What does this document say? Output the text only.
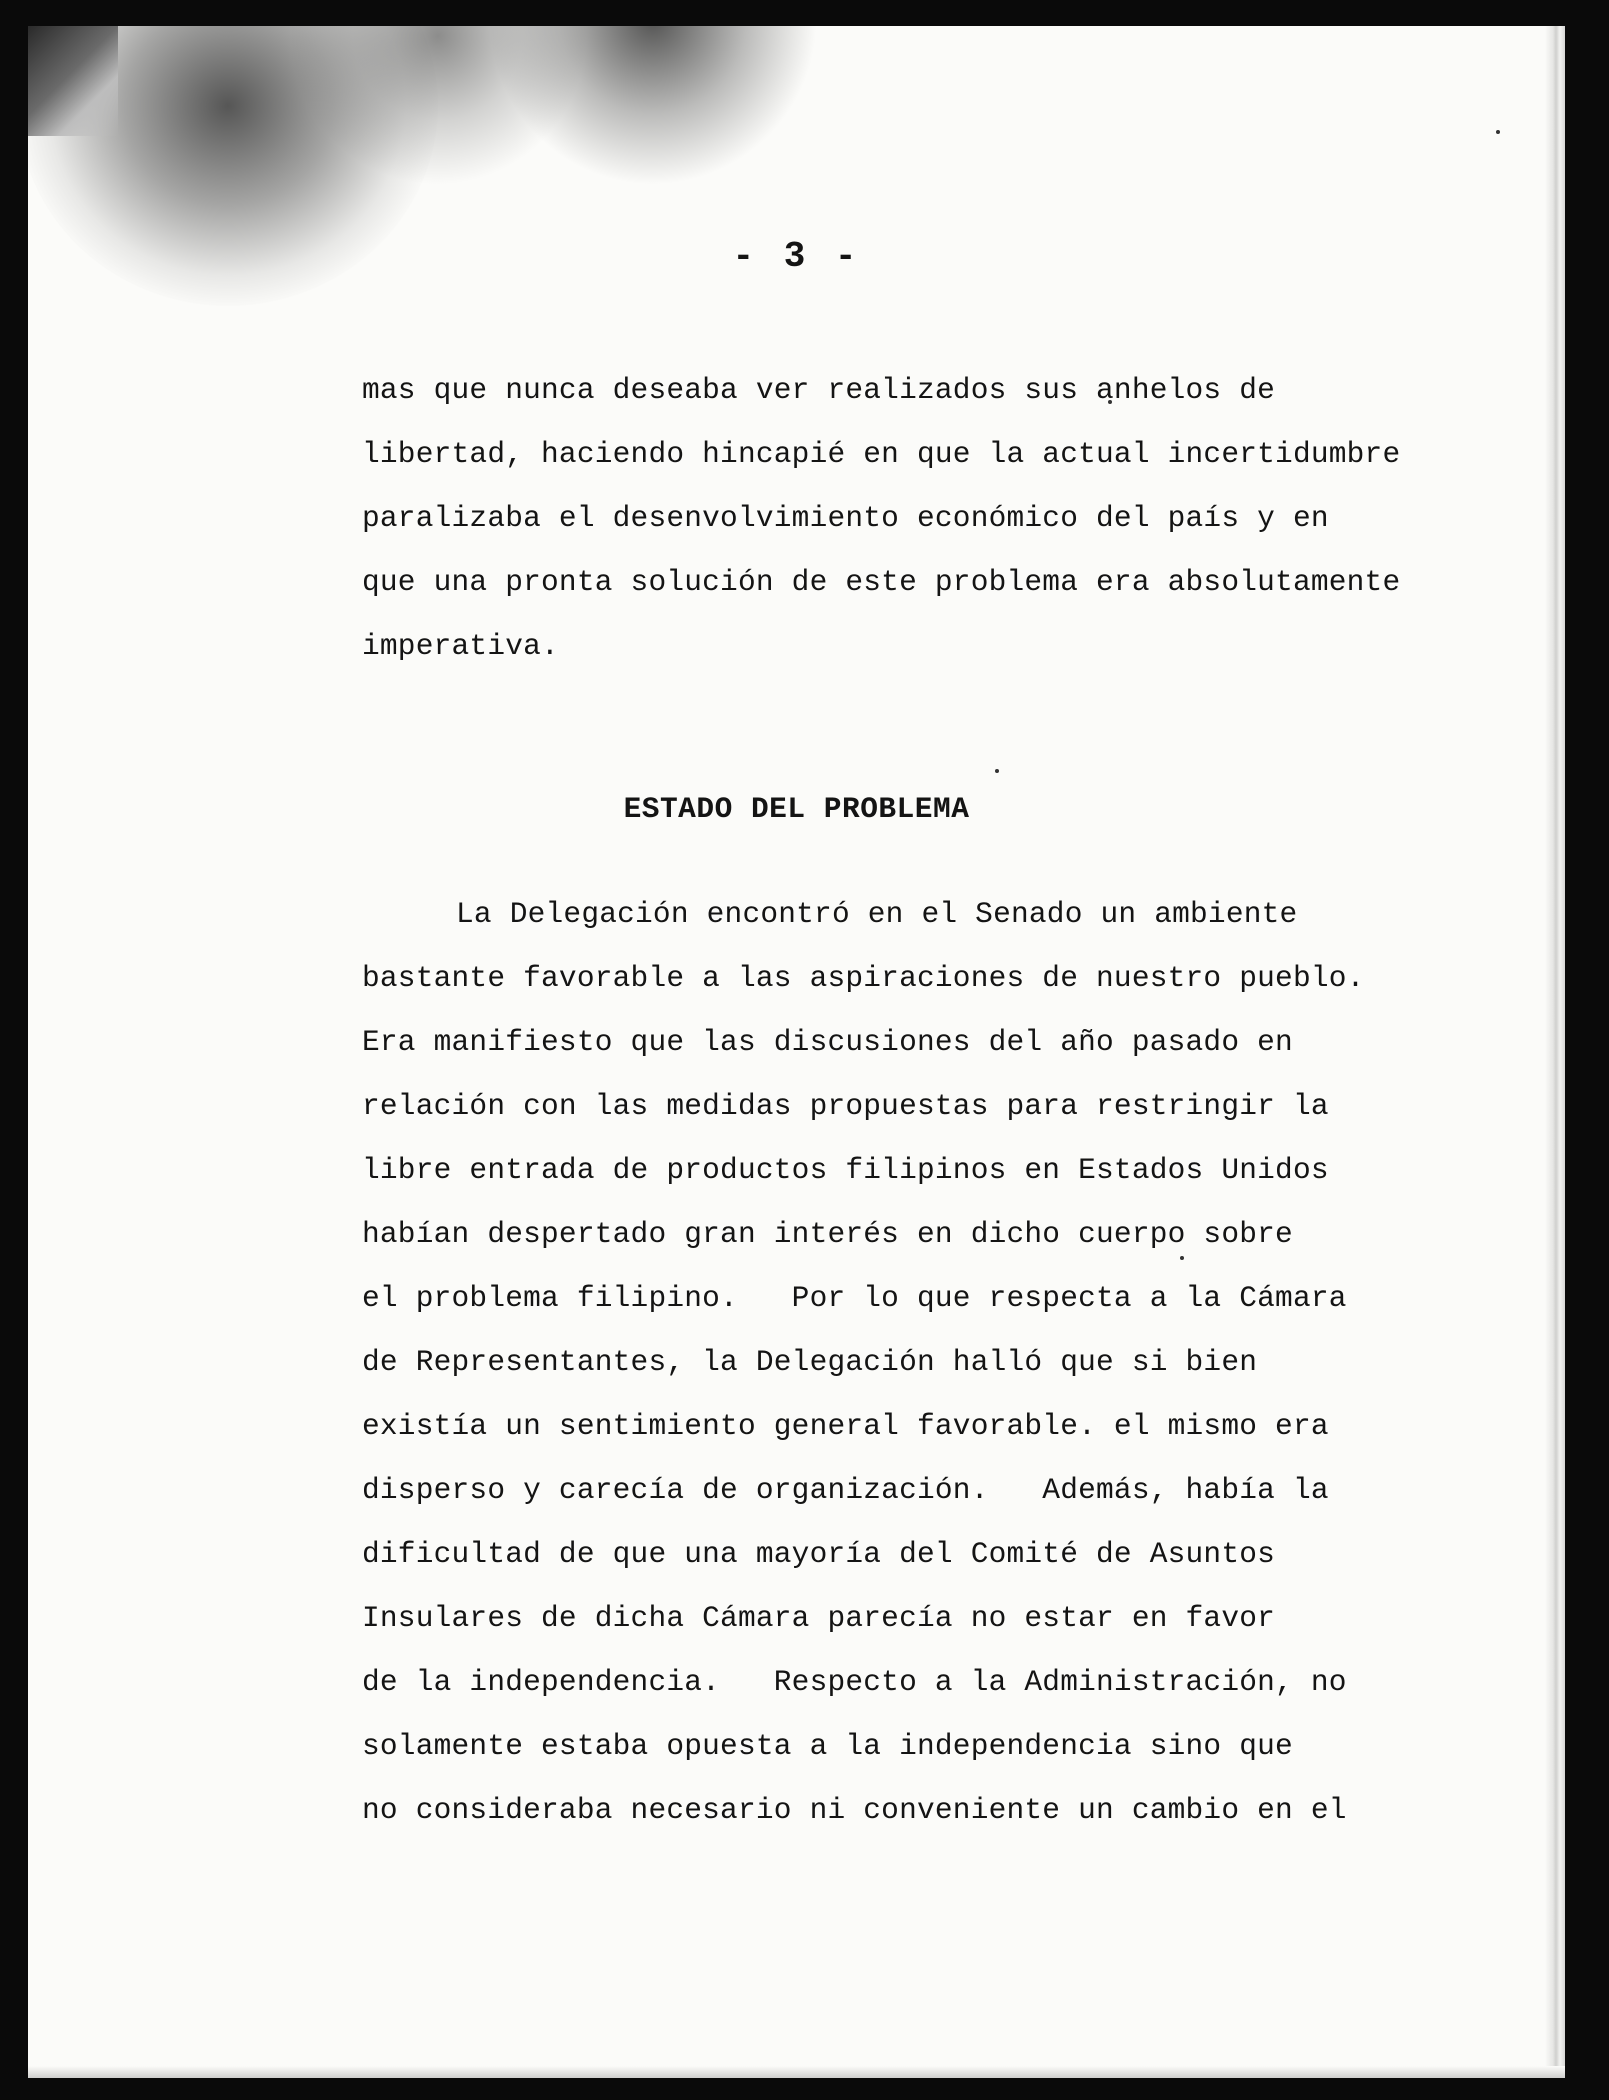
- 3 -
mas que nunca deseaba ver realizados sus anhelos de
libertad, haciendo hincapié en que la actual incertidumbre
paralizaba el desenvolvimiento económico del país y en
que una pronta solución de este problema era absolutamente
imperativa.
ESTADO DEL PROBLEMA
La Delegación encontró en el Senado un ambiente
bastante favorable a las aspiraciones de nuestro pueblo.
Era manifiesto que las discusiones del año pasado en
relación con las medidas propuestas para restringir la
libre entrada de productos filipinos en Estados Unidos
habían despertado gran interés en dicho cuerpo sobre
el problema filipino.   Por lo que respecta a la Cámara
de Representantes, la Delegación halló que si bien
existía un sentimiento general favorable. el mismo era
disperso y carecía de organización.   Además, había la
dificultad de que una mayoría del Comité de Asuntos
Insulares de dicha Cámara parecía no estar en favor
de la independencia.   Respecto a la Administración, no
solamente estaba opuesta a la independencia sino que
no consideraba necesario ni conveniente un cambio en el
